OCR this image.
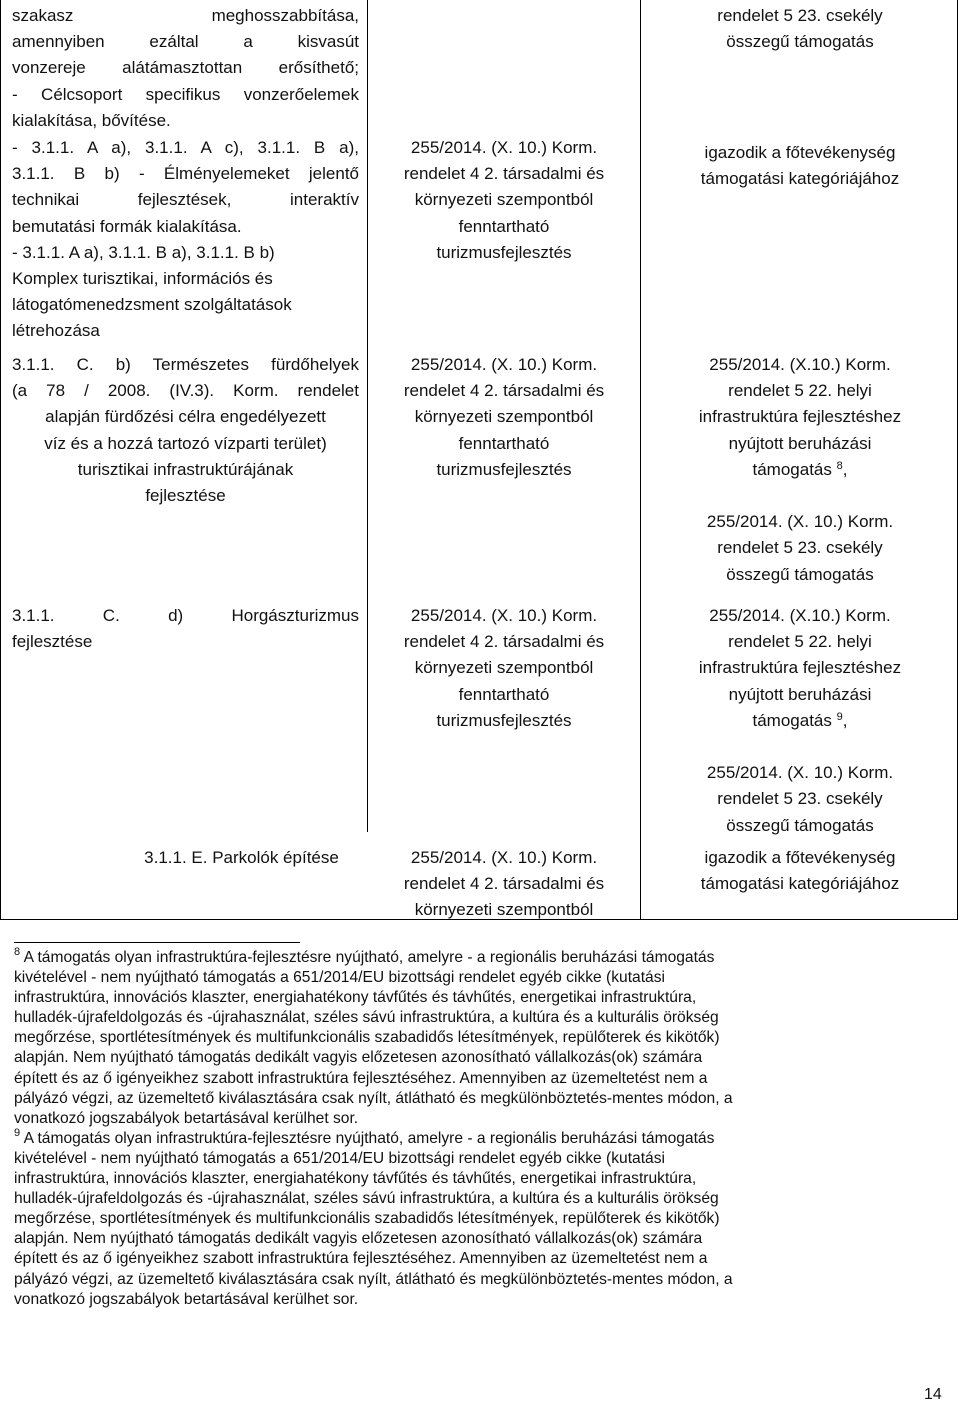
szakasz meghosszabbítása,
amennyiben ezáltal a kisvasút
vonzereje alátámasztottan erősíthető;
- Célcsoport specifikus vonzerőelemek
kialakítása, bővítése.
rendelet 5 23. csekély
összegű támogatás
- 3.1.1. A a), 3.1.1. A c), 3.1.1. B a),
3.1.1. B b) - Élményelemeket jelentő
technikai fejlesztések, interaktív
bemutatási formák kialakítása.
- 3.1.1. A a), 3.1.1. B a), 3.1.1. B b)
Komplex turisztikai, információs és
látogatómenedzsment szolgáltatások
létrehozása
255/2014. (X. 10.) Korm.
rendelet 4 2. társadalmi és
környezeti szempontból
fenntartható
turizmusfejlesztés
igazodik a főtevékenység
támogatási kategóriájához
3.1.1. C. b) Természetes fürdőhelyek
(a 78 / 2008. (IV.3). Korm. rendelet
alapján fürdőzési célra engedélyezett
víz és a hozzá tartozó vízparti terület)
turisztikai infrastruktúrájának
fejlesztése
255/2014. (X. 10.) Korm.
rendelet 4 2. társadalmi és
környezeti szempontból
fenntartható
turizmusfejlesztés
255/2014. (X.10.) Korm.
rendelet 5 22. helyi
infrastruktúra fejlesztéshez
nyújtott beruházási
támogatás $^8$,

255/2014. (X. 10.) Korm.
rendelet 5 23. csekély
összegű támogatás
3.1.1. C. d) Horgászturizmus
fejlesztése
255/2014. (X. 10.) Korm.
rendelet 4 2. társadalmi és
környezeti szempontból
fenntartható
turizmusfejlesztés
255/2014. (X.10.) Korm.
rendelet 5 22. helyi
infrastruktúra fejlesztéshez
nyújtott beruházási
támogatás $^9$,

255/2014. (X. 10.) Korm.
rendelet 5 23. csekély
összegű támogatás
3.1.1. E. Parkolók építése	255/2014. (X. 10.) Korm.
rendelet 4 2. társadalmi és
környezeti szempontból
igazodik a főtevékenység
támogatási kategóriájához
$^8$ A támogatás olyan infrastruktúra-fejlesztésre nyújtható, amelyre - a regionális beruházási támogatás
kivételével - nem nyújtható támogatás a 651/2014/EU bizottsági rendelet egyéb cikke (kutatási
infrastruktúra, innovációs klaszter, energiahatékony távfűtés és távhűtés, energetikai infrastruktúra,
hulladék-újrafeldolgozás és -újrahasználat, széles sávú infrastruktúra, a kultúra és a kulturális örökség
megőrzése, sportlétesítmények és multifunkcionális szabadidős létesítmények, repülőterek és kikötők)
alapján. Nem nyújtható támogatás dedikált vagyis előzetesen azonosítható vállalkozás(ok) számára
épített és az ő igényeikhez szabott infrastruktúra fejlesztéséhez. Amennyiben az üzemeltetést nem a
pályázó végzi, az üzemeltető kiválasztására csak nyílt, átlátható és megkülönböztetés-mentes módon, a
vonatkozó jogszabályok betartásával kerülhet sor.
$^9$ A támogatás olyan infrastruktúra-fejlesztésre nyújtható, amelyre - a regionális beruházási támogatás
kivételével - nem nyújtható támogatás a 651/2014/EU bizottsági rendelet egyéb cikke (kutatási
infrastruktúra, innovációs klaszter, energiahatékony távfűtés és távhűtés, energetikai infrastruktúra,
hulladék-újrafeldolgozás és -újrahasználat, széles sávú infrastruktúra, a kultúra és a kulturális örökség
megőrzése, sportlétesítmények és multifunkcionális szabadidős létesítmények, repülőterek és kikötők)
alapján. Nem nyújtható támogatás dedikált vagyis előzetesen azonosítható vállalkozás(ok) számára
épített és az ő igényeikhez szabott infrastruktúra fejlesztéséhez. Amennyiben az üzemeltetést nem a
pályázó végzi, az üzemeltető kiválasztására csak nyílt, átlátható és megkülönböztetés-mentes módon, a
vonatkozó jogszabályok betartásával kerülhet sor.
14
